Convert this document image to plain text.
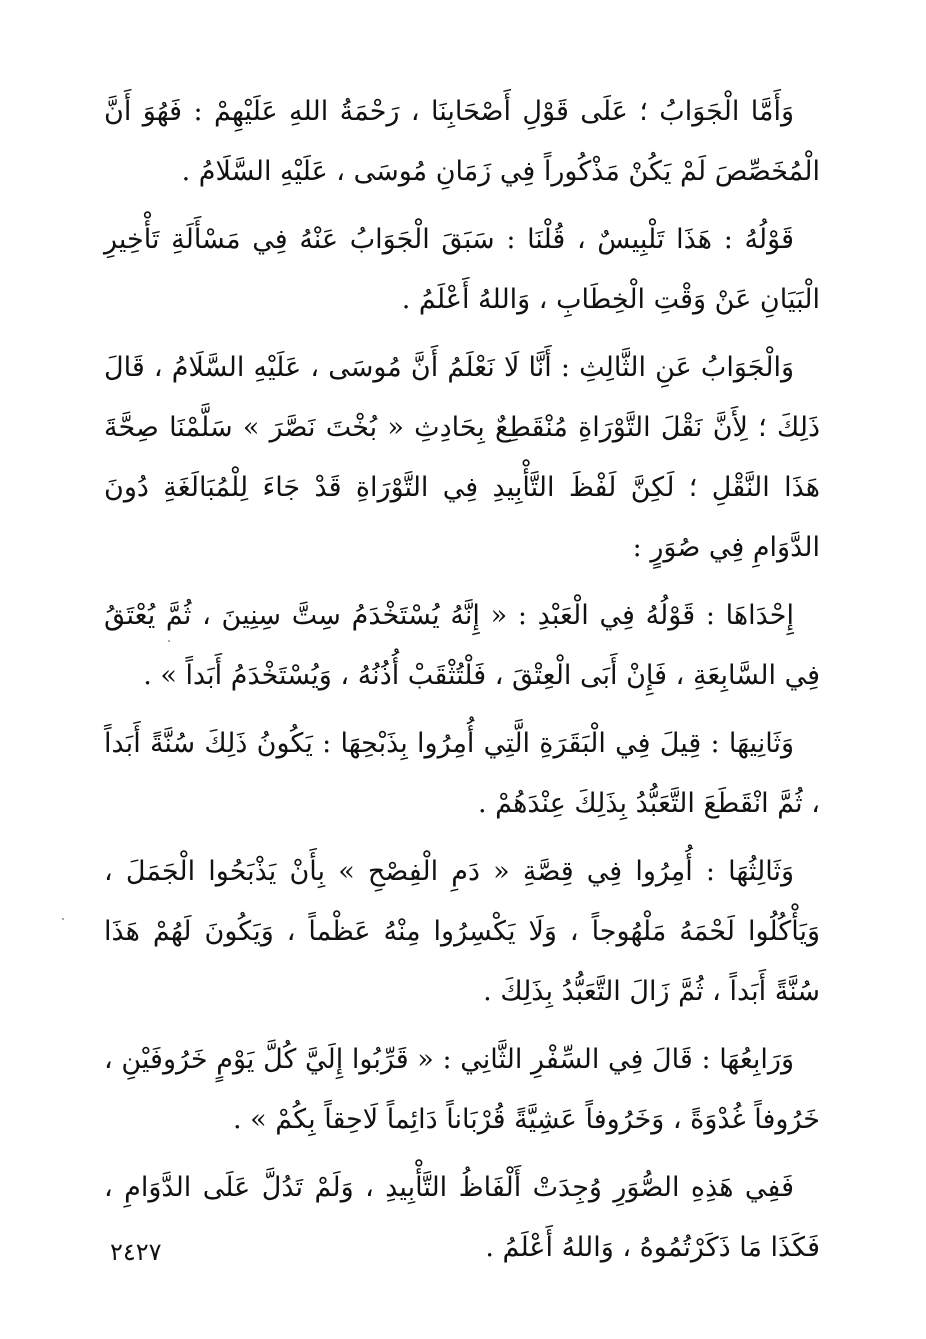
وَأَمَّا الْجَوَابُ ؛ عَلَى قَوْلِ أَصْحَابِنَا ، رَحْمَةُ اللهِ عَلَيْهِمْ : فَهُوَ أَنَّ الْمُخَصِّصَ لَمْ يَكُنْ مَذْكُوراً فِي زَمَانِ مُوسَى ، عَلَيْهِ السَّلَامُ .

قَوْلُهُ : هَذَا تَلْبِيسٌ ، قُلْنَا : سَبَقَ الْجَوَابُ عَنْهُ فِي مَسْأَلَةِ تَأْخِيرِ الْبَيَانِ عَنْ وَقْتِ الْخِطَابِ ، وَاللهُ أَعْلَمُ .

وَالْجَوَابُ عَنِ الثَّالِثِ : أَنَّا لَا نَعْلَمُ أَنَّ مُوسَى ، عَلَيْهِ السَّلَامُ ، قَالَ ذَلِكَ ؛ لِأَنَّ نَقْلَ التَّوْرَاةِ مُنْقَطِعٌ بِحَادِثِ « بُخْتَ نَصَّرَ » سَلَّمْنَا صِحَّةَ هَذَا النَّقْلِ ؛ لَكِنَّ لَفْظَ التَّأْبِيدِ فِي التَّوْرَاةِ قَدْ جَاءَ لِلْمُبَالَغَةِ دُونَ الدَّوَامِ فِي صُوَرٍ :

إِحْدَاهَا : قَوْلُهُ فِي الْعَبْدِ : « إِنَّهُ يُسْتَخْدَمُ سِتَّ سِنِينَ ، ثُمَّ يُعْتَقُ فِي السَّابِعَةِ ، فَإِنْ أَبَى الْعِتْقَ ، فَلْتُثْقَبْ أُذُنُهُ ، وَيُسْتَخْدَمُ أَبَداً » .

وَثَانِيهَا : قِيلَ فِي الْبَقَرَةِ الَّتِي أُمِرُوا بِذَبْحِهَا : يَكُونُ ذَلِكَ سُنَّةً أَبَداً ، ثُمَّ انْقَطَعَ التَّعَبُّدُ بِذَلِكَ عِنْدَهُمْ .

وَثَالِثُهَا : أُمِرُوا فِي قِصَّةِ « دَمِ الْفِصْحِ » بِأَنْ يَذْبَحُوا الْجَمَلَ ، وَيَأْكُلُوا لَحْمَهُ مَلْهُوجاً ، وَلَا يَكْسِرُوا مِنْهُ عَظْماً ، وَيَكُونَ لَهُمْ هَذَا سُنَّةً أَبَداً ، ثُمَّ زَالَ التَّعَبُّدُ بِذَلِكَ .

وَرَابِعُهَا : قَالَ فِي السِّفْرِ الثَّانِي : « قَرِّبُوا إِلَيَّ كُلَّ يَوْمٍ خَرُوفَيْنِ ، خَرُوفاً غُدْوَةً ، وَخَرُوفاً عَشِيَّةً قُرْبَاناً دَائِماً لَاحِقاً بِكُمْ » .

فَفِي هَذِهِ الصُّوَرِ وُجِدَتْ أَلْفَاظُ التَّأْبِيدِ ، وَلَمْ تَدُلَّ عَلَى الدَّوَامِ ، فَكَذَا مَا ذَكَرْتُمُوهُ ، وَاللهُ أَعْلَمُ .

٢٤٢٧
